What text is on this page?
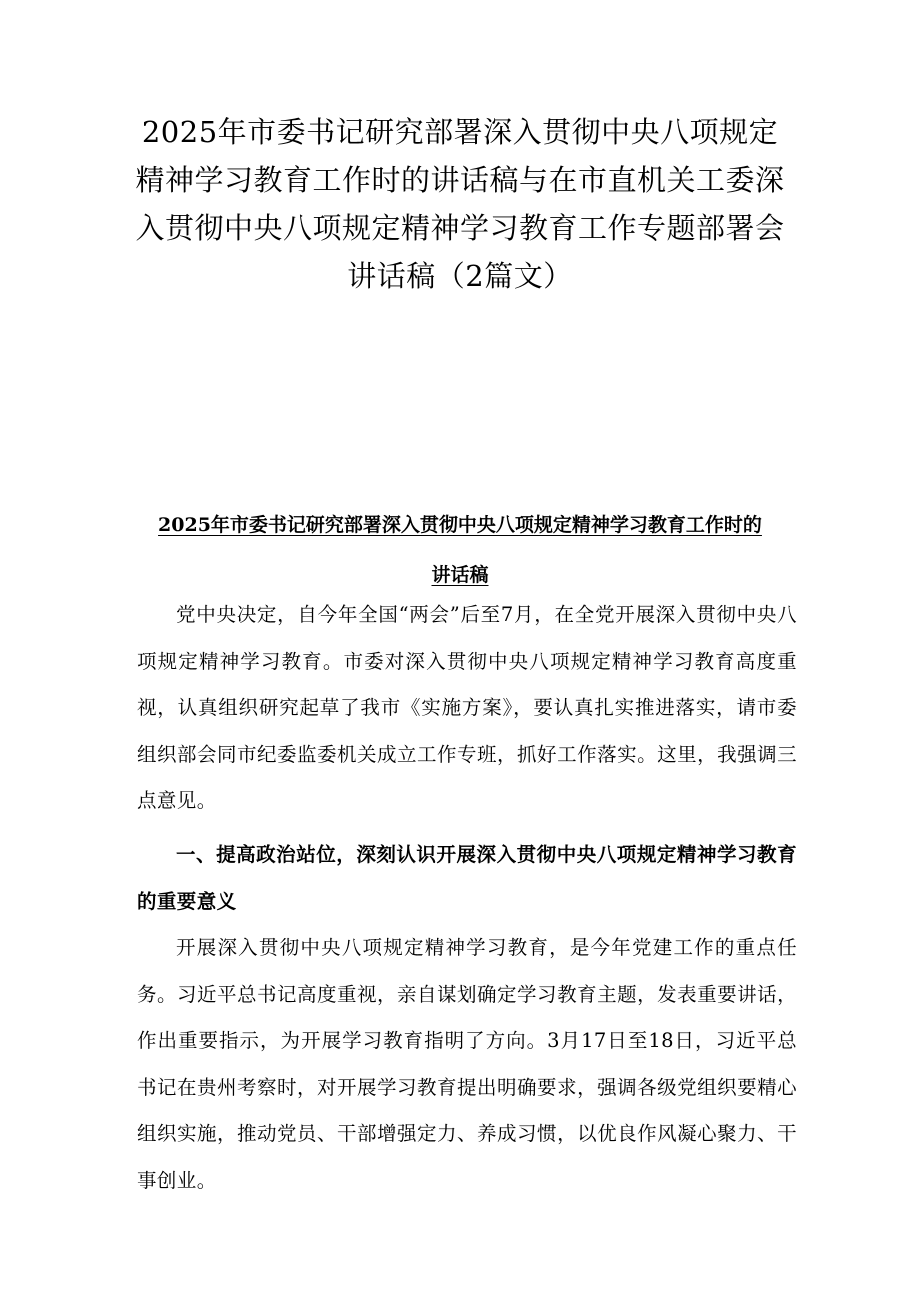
2025年市委书记研究部署深入贯彻中央八项规定精神学习教育工作时的讲话稿与在市直机关工委深入贯彻中央八项规定精神学习教育工作专题部署会讲话稿（2篇文）
2025年市委书记研究部署深入贯彻中央八项规定精神学习教育工作时的讲话稿

党中央决定，自今年全国“两会”后至7月，在全党开展深入贯彻中央八项规定精神学习教育。市委对深入贯彻中央八项规定精神学习教育高度重视，认真组织研究起草了我市《实施方案》，要认真扎实推进落实，请市委组织部会同市纪委监委机关成立工作专班，抓好工作落实。这里，我强调三点意见。

一、提高政治站位，深刻认识开展深入贯彻中央八项规定精神学习教育的重要意义

开展深入贯彻中央八项规定精神学习教育，是今年党建工作的重点任务。习近平总书记高度重视，亲自谋划确定学习教育主题，发表重要讲话，作出重要指示，为开展学习教育指明了方向。3月17日至18日，习近平总书记在贵州考察时，对开展学习教育提出明确要求，强调各级党组织要精心组织实施，推动党员、干部增强定力、养成习惯，以优良作风凝心聚力、干事创业。
